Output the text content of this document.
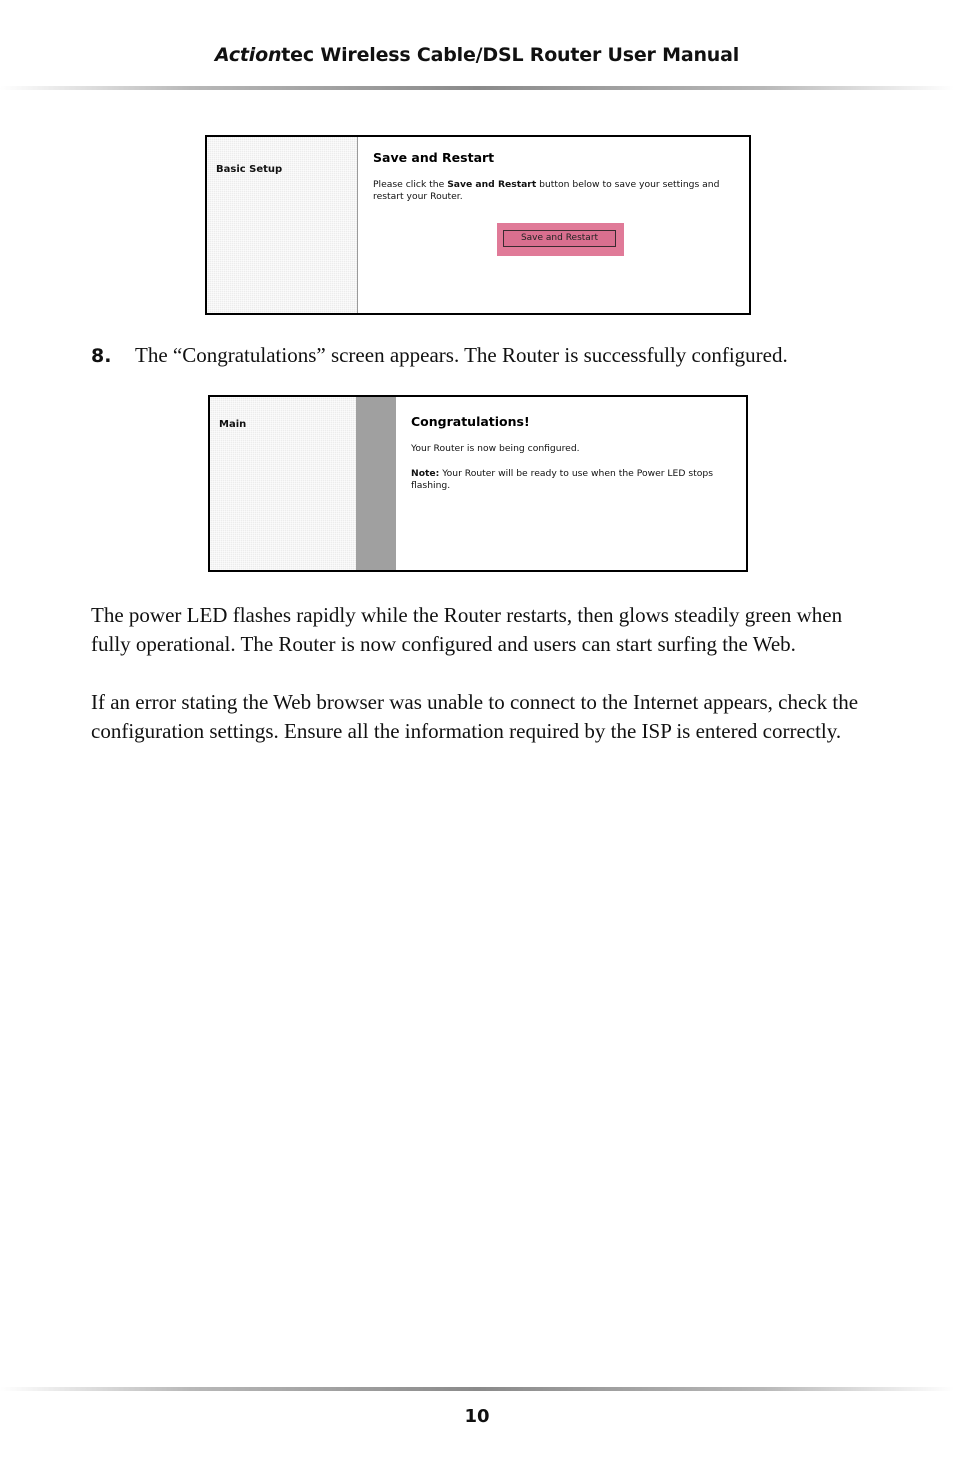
Actiontec Wireless Cable/DSL Router User Manual
Basic Setup
Save and Restart
Please click the Save and Restart button below to save your settings and restart your Router.
Save and Restart
8. The “Congratulations” screen appears. The Router is successfully configured.
Main	Congratulations!
Your Router is now being configured.
Note: Your Router will be ready to use when the Power LED stops flashing.
The power LED flashes rapidly while the Router restarts, then glows steadily green when fully operational. The Router is now configured and users can start surfing the Web.
If an error stating the Web browser was unable to connect to the Internet appears, check the configuration settings. Ensure all the information required by the ISP is entered correctly.
10
